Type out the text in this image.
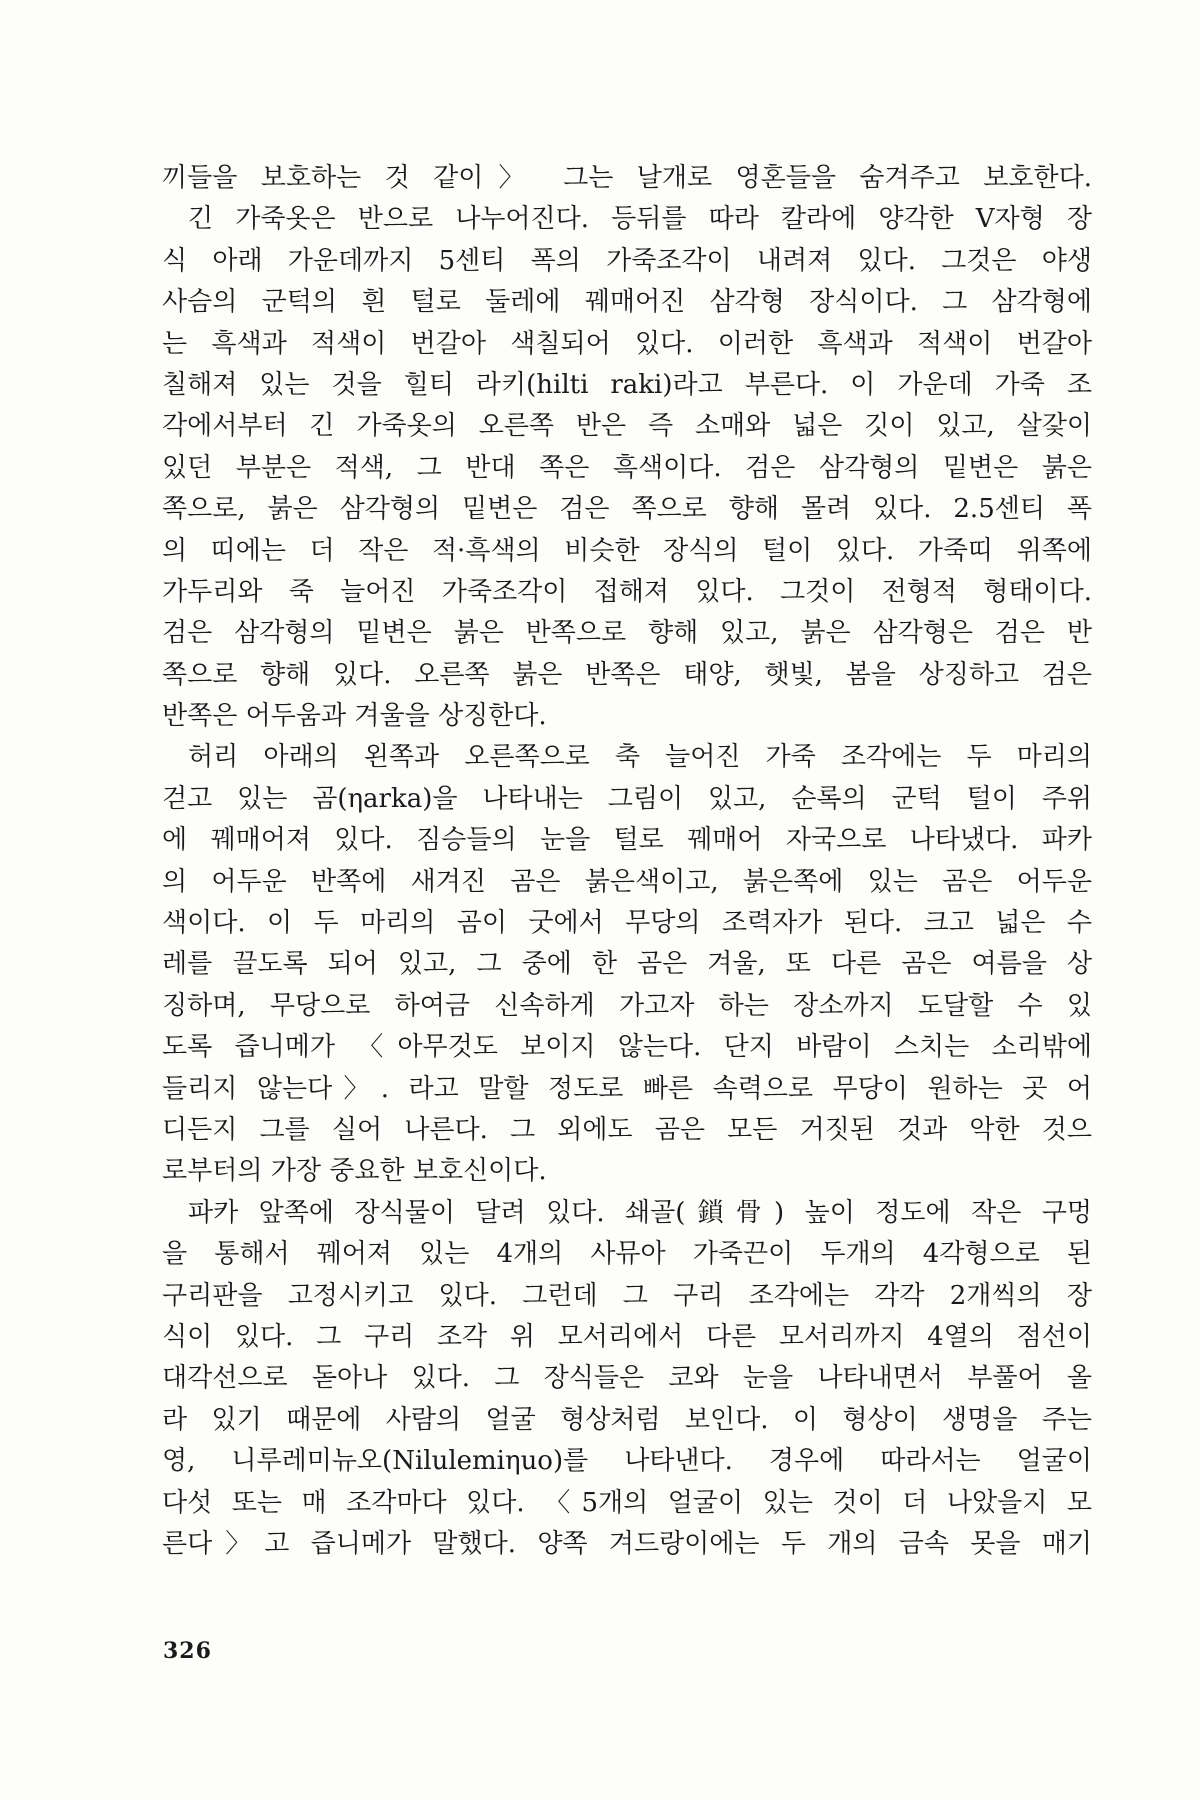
끼들을 보호하는 것 같이〉 그는 날개로 영혼들을 숨겨주고 보호한다.
긴 가죽옷은 반으로 나누어진다. 등뒤를 따라 칼라에 양각한 V자형 장
식 아래 가운데까지 5센티 폭의 가죽조각이 내려져 있다. 그것은 야생
사슴의 군턱의 흰 털로 둘레에 꿰매어진 삼각형 장식이다. 그 삼각형에
는 흑색과 적색이 번갈아 색칠되어 있다. 이러한 흑색과 적색이 번갈아
칠해져 있는 것을 힐티 라키(hilti raki)라고 부른다. 이 가운데 가죽 조
각에서부터 긴 가죽옷의 오른쪽 반은 즉 소매와 넓은 깃이 있고, 살갗이
있던 부분은 적색, 그 반대 쪽은 흑색이다. 검은 삼각형의 밑변은 붉은
쪽으로, 붉은 삼각형의 밑변은 검은 쪽으로 향해 몰려 있다. 2.5센티 폭
의 띠에는 더 작은 적·흑색의 비슷한 장식의 털이 있다. 가죽띠 위쪽에
가두리와 죽 늘어진 가죽조각이 접해져 있다. 그것이 전형적 형태이다.
검은 삼각형의 밑변은 붉은 반쪽으로 향해 있고, 붉은 삼각형은 검은 반
쪽으로 향해 있다. 오른쪽 붉은 반쪽은 태양, 햇빛, 봄을 상징하고 검은
반쪽은 어두움과 겨울을 상징한다.
허리 아래의 왼쪽과 오른쪽으로 축 늘어진 가죽 조각에는 두 마리의
걷고 있는 곰(ηarka)을 나타내는 그림이 있고, 순록의 군턱 털이 주위
에 꿰매어져 있다. 짐승들의 눈을 털로 꿰매어 자국으로 나타냈다. 파카
의 어두운 반쪽에 새겨진 곰은 붉은색이고, 붉은쪽에 있는 곰은 어두운
색이다. 이 두 마리의 곰이 굿에서 무당의 조력자가 된다. 크고 넓은 수
레를 끌도록 되어 있고, 그 중에 한 곰은 겨울, 또 다른 곰은 여름을 상
징하며, 무당으로 하여금 신속하게 가고자 하는 장소까지 도달할 수 있
도록 즙니메가 〈아무것도 보이지 않는다. 단지 바람이 스치는 소리밖에
들리지 않는다〉. 라고 말할 정도로 빠른 속력으로 무당이 원하는 곳 어
디든지 그를 실어 나른다. 그 외에도 곰은 모든 거짓된 것과 악한 것으
로부터의 가장 중요한 보호신이다.
파카 앞쪽에 장식물이 달려 있다. 쇄골(鎖骨) 높이 정도에 작은 구멍
을 통해서 꿰어져 있는 4개의 사뮤아 가죽끈이 두개의 4각형으로 된
구리판을 고정시키고 있다. 그런데 그 구리 조각에는 각각 2개씩의 장
식이 있다. 그 구리 조각 위 모서리에서 다른 모서리까지 4열의 점선이
대각선으로 돋아나 있다. 그 장식들은 코와 눈을 나타내면서 부풀어 올
라 있기 때문에 사람의 얼굴 형상처럼 보인다. 이 형상이 생명을 주는
영, 니루레미뉴오(Nilulemiηuo)를 나타낸다. 경우에 따라서는 얼굴이
다섯 또는 매 조각마다 있다. 〈5개의 얼굴이 있는 것이 더 나았을지 모
른다〉고 즙니메가 말했다. 양쪽 겨드랑이에는 두 개의 금속 못을 매기
326
